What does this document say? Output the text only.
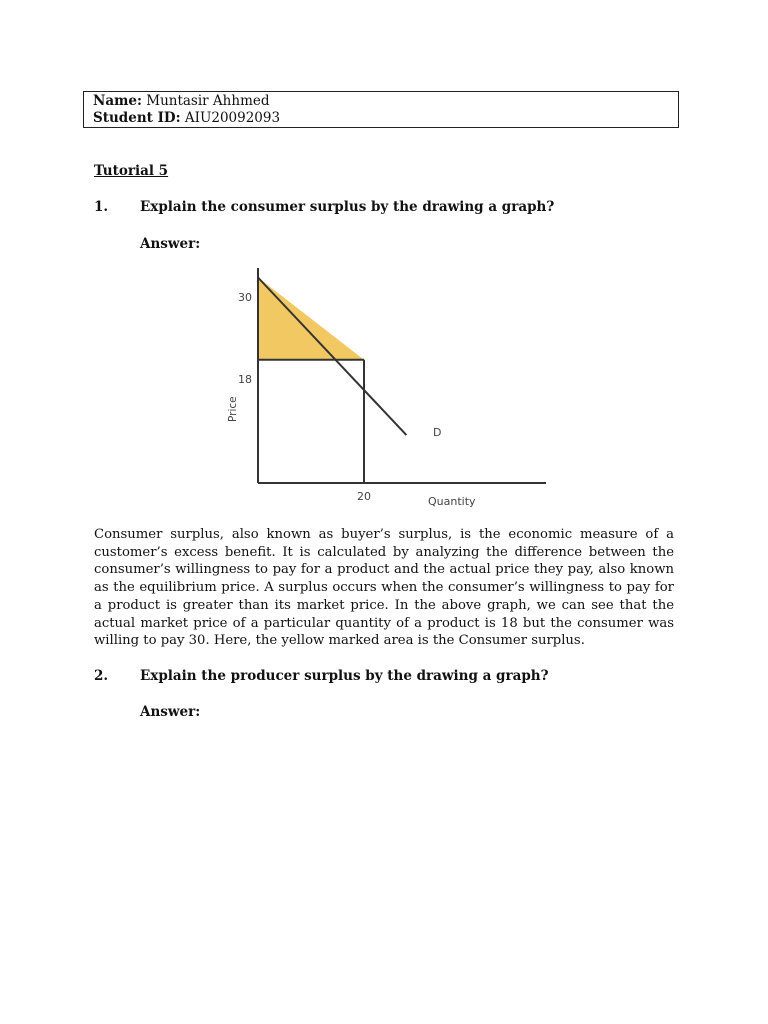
Name: Muntasir Ahhmed
Student ID: AIU20092093
Tutorial 5
1. Explain the consumer surplus by the drawing a graph?
Answer:
30
18
20
D
Price
Quantity
Consumer surplus, also known as buyer’s surplus, is the economic measure of a customer’s excess benefit. It is calculated by analyzing the difference between the consumer’s willingness to pay for a product and the actual price they pay, also known as the equilibrium price. A surplus occurs when the consumer’s willingness to pay for a product is greater than its market price. In the above graph, we can see that the actual market price of a particular quantity of a product is 18 but the consumer was willing to pay 30. Here, the yellow marked area is the Consumer surplus.
2. Explain the producer surplus by the drawing a graph?
Answer:
